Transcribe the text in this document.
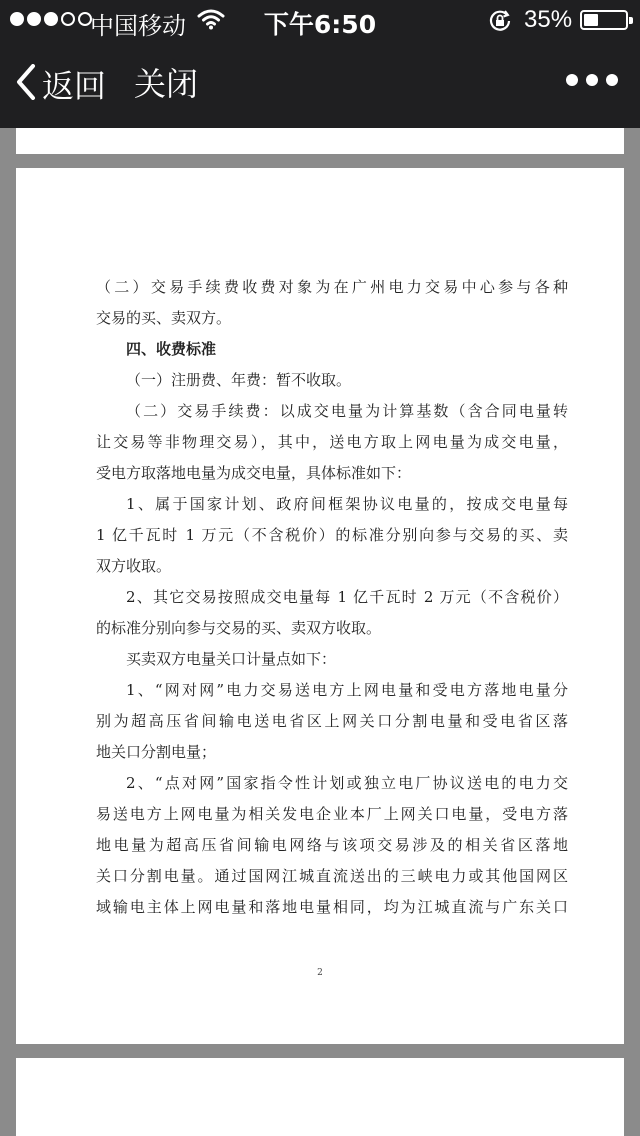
中国移动	下午6:50	35%
返回 关闭

（二）交易手续费收费对象为在广州电力交易中心参与各种

交易的买、卖双方。

四、收费标准

（一）注册费、年费：暂不收取。

（二）交易手续费：以成交电量为计算基数（含合同电量转

让交易等非物理交易），其中，送电方取上网电量为成交电量，

受电方取落地电量为成交电量，具体标准如下：

1、属于国家计划、政府间框架协议电量的，按成交电量每

1 亿千瓦时 1 万元（不含税价）的标准分别向参与交易的买、卖

双方收取。

2、其它交易按照成交电量每 1 亿千瓦时 2 万元（不含税价）

的标准分别向参与交易的买、卖双方收取。

买卖双方电量关口计量点如下：

1、“网对网”电力交易送电方上网电量和受电方落地电量分

别为超高压省间输电送电省区上网关口分割电量和受电省区落

地关口分割电量；

2、“点对网”国家指令性计划或独立电厂协议送电的电力交

易送电方上网电量为相关发电企业本厂上网关口电量，受电方落

地电量为超高压省间输电网络与该项交易涉及的相关省区落地

关口分割电量。通过国网江城直流送出的三峡电力或其他国网区

域输电主体上网电量和落地电量相同，均为江城直流与广东关口

2
